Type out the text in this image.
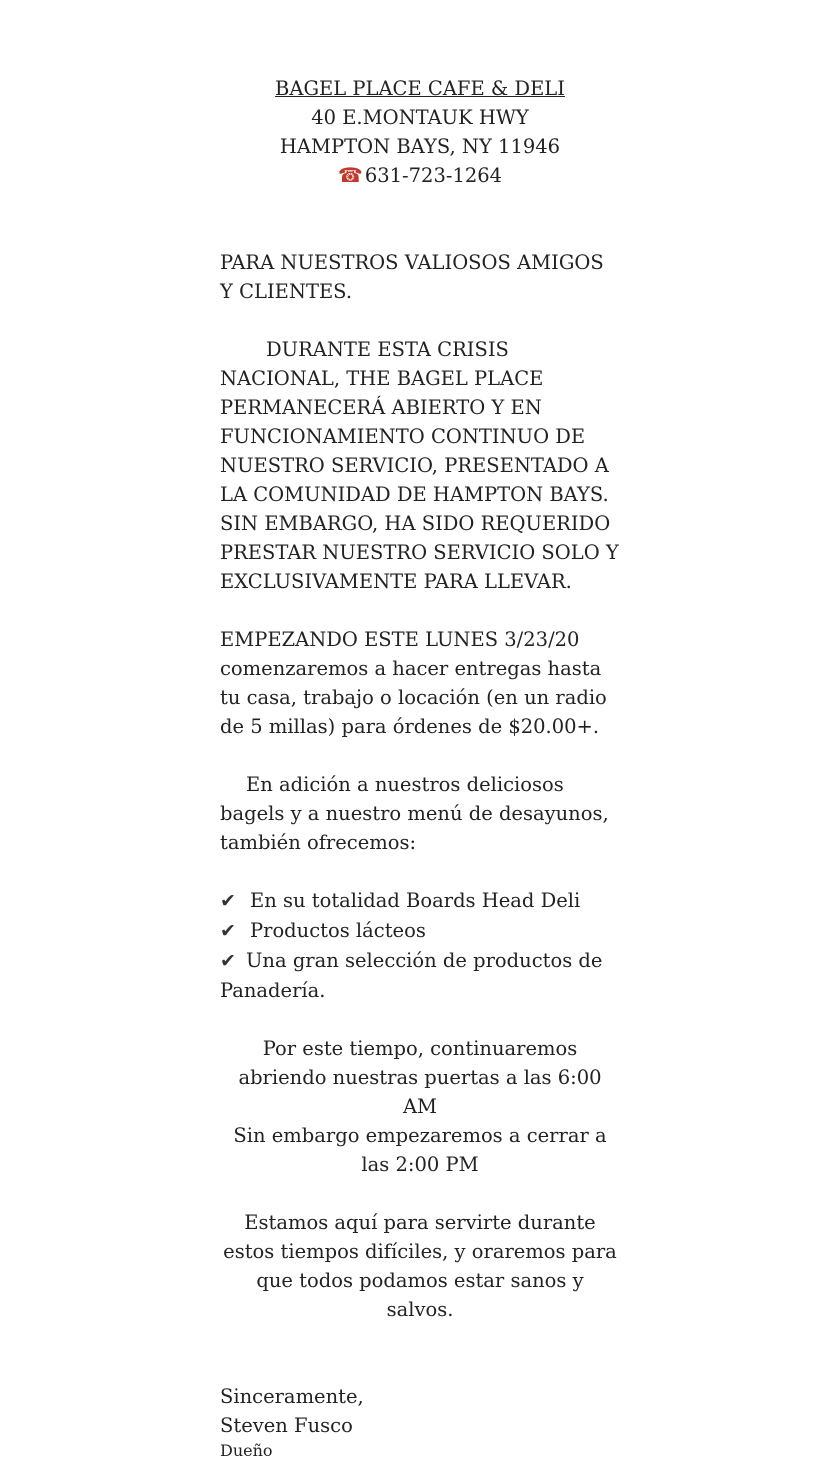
BAGEL PLACE CAFE & DELI
40 E.MONTAUK HWY
HAMPTON BAYS, NY 11946
☎ 631-723-1264

PARA NUESTROS VALIOSOS AMIGOS Y CLIENTES.

DURANTE ESTA CRISIS NACIONAL, THE BAGEL PLACE PERMANECERÁ ABIERTO Y EN FUNCIONAMIENTO CONTINUO DE NUESTRO SERVICIO, PRESENTADO A LA COMUNIDAD DE HAMPTON BAYS. SIN EMBARGO, HA SIDO REQUERIDO PRESTAR NUESTRO SERVICIO SOLO Y EXCLUSIVAMENTE PARA LLEVAR.

EMPEZANDO ESTE LUNES 3/23/20 comenzaremos a hacer entregas hasta tu casa, trabajo o locación (en un radio de 5 millas) para órdenes de $20.00+.

En adición a nuestros deliciosos bagels y a nuestro menú de desayunos, también ofrecemos:

✔ En su totalidad Boards Head Deli
✔ Productos lácteos
✔ Una gran selección de productos de Panadería.
Por este tiempo, continuaremos abriendo nuestras puertas a las 6:00 AM
Sin embargo empezaremos a cerrar a las 2:00 PM

Estamos aquí para servirte durante estos tiempos difíciles, y oraremos para que todos podamos estar sanos y salvos.

Sinceramente,
Steven Fusco
Dueño
